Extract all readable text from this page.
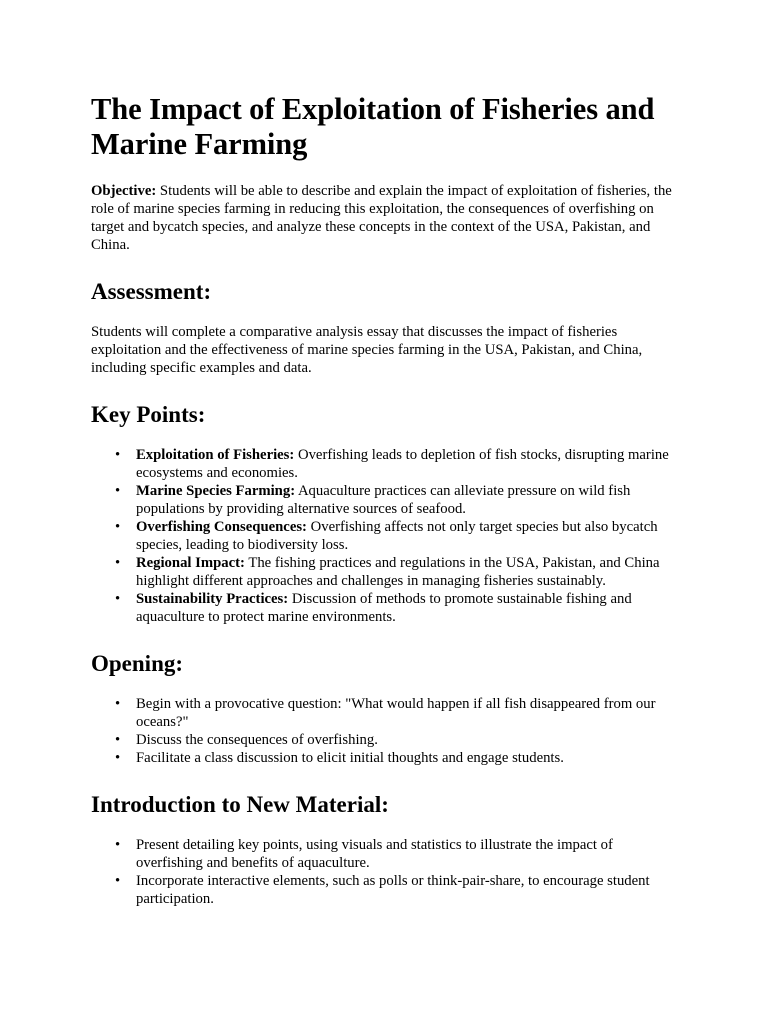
The Impact of Exploitation of Fisheries and Marine Farming

Objective: Students will be able to describe and explain the impact of exploitation of fisheries, the role of marine species farming in reducing this exploitation, the consequences of overfishing on target and bycatch species, and analyze these concepts in the context of the USA, Pakistan, and China.

Assessment:

Students will complete a comparative analysis essay that discusses the impact of fisheries exploitation and the effectiveness of marine species farming in the USA, Pakistan, and China, including specific examples and data.

Key Points:
• Exploitation of Fisheries: Overfishing leads to depletion of fish stocks, disrupting marine ecosystems and economies.
• Marine Species Farming: Aquaculture practices can alleviate pressure on wild fish populations by providing alternative sources of seafood.
• Overfishing Consequences: Overfishing affects not only target species but also bycatch species, leading to biodiversity loss.
• Regional Impact: The fishing practices and regulations in the USA, Pakistan, and China highlight different approaches and challenges in managing fisheries sustainably.
• Sustainability Practices: Discussion of methods to promote sustainable fishing and aquaculture to protect marine environments.
Opening:
• Begin with a provocative question: "What would happen if all fish disappeared from our oceans?"
• Discuss the consequences of overfishing.
• Facilitate a class discussion to elicit initial thoughts and engage students.
Introduction to New Material:
• Present detailing key points, using visuals and statistics to illustrate the impact of overfishing and benefits of aquaculture.
• Incorporate interactive elements, such as polls or think-pair-share, to encourage student participation.
